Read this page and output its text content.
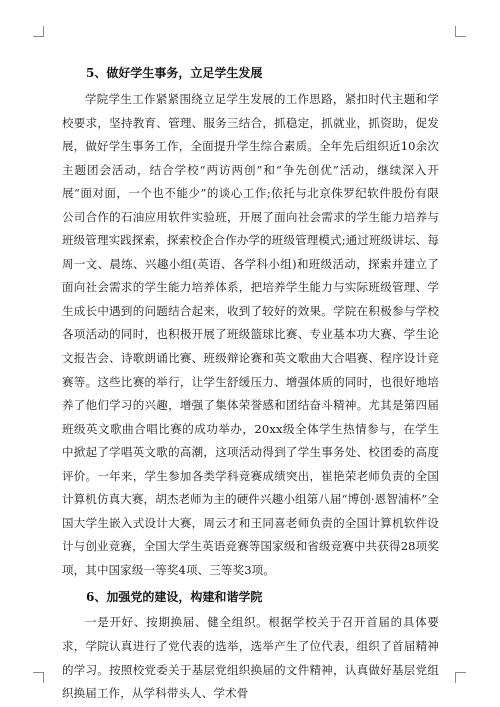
5、做好学生事务，立足学生发展

学院学生工作紧紧围绕立足学生发展的工作思路，紧扣时代主题和学校要求，坚持教育、管理、服务三结合，抓稳定，抓就业，抓资助，促发展，做好学生事务工作，全面提升学生综合素质。全年先后组织近10余次主题团会活动，结合学校“两访两创”和“争先创优”活动，继续深入开展“面对面，一个也不能少”的谈心工作;依托与北京侏罗纪软件股份有限公司合作的石油应用软件实验班，开展了面向社会需求的学生能力培养与班级管理实践探索，探索校企合作办学的班级管理模式;通过班级讲坛、每周一文、晨练、兴趣小组(英语、各学科小组)和班级活动，探索并建立了面向社会需求的学生能力培养体系，把培养学生能力与实际班级管理、学生成长中遇到的问题结合起来，收到了较好的效果。学院在积极参与学校各项活动的同时，也积极开展了班级篮球比赛、专业基本功大赛、学生论文报告会、诗歌朗诵比赛、班级辩论赛和英文歌曲大合唱赛、程序设计竞赛等。这些比赛的举行，让学生舒缓压力、增强体质的同时，也很好地培养了他们学习的兴趣，增强了集体荣誉感和团结奋斗精神。尤其是第四届班级英文歌曲合唱比赛的成功举办，20xx级全体学生热情参与，在学生中掀起了学唱英文歌的高潮，这项活动得到了学生事务处、校团委的高度评价。一年来，学生参加各类学科竞赛成绩突出，崔艳荣老师负责的全国计算机仿真大赛，胡杰老师为主的硬件兴趣小组第八届“博创·恩智浦杯”全国大学生嵌入式设计大赛，周云才和王同喜老师负责的全国计算机软件设计与创业竞赛，全国大学生英语竞赛等国家级和省级竞赛中共获得28项奖项，其中国家级一等奖4项、三等奖3项。

6、加强党的建设，构建和谐学院

一是开好、按期换届、健全组织。根据学校关于召开首届的具体要求，学院认真进行了党代表的选举，选举产生了位代表，组织了首届精神的学习。按照校党委关于基层党组织换届的文件精神，认真做好基层党组织换届工作，从学科带头人、学术骨
